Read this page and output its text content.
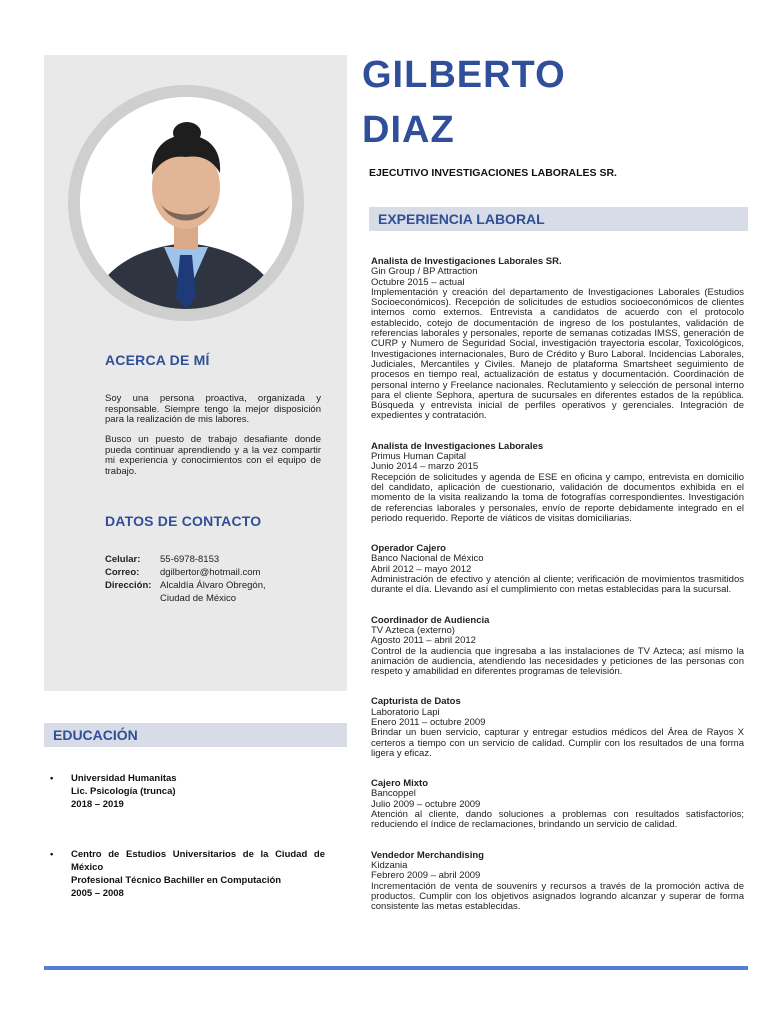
ACERCA DE MÍ

Soy una persona proactiva, organizada y responsable. Siempre tengo la mejor disposición para la realización de mis labores.

Busco un puesto de trabajo desafiante donde pueda continuar aprendiendo y a la vez compartir mi experiencia y conocimientos con el equipo de trabajo.

DATOS DE CONTACTO
Celular:	55-6978-8153
Correo:	dgilbertor@hotmail.com
Dirección: Alcaldía Álvaro Obregón,
Ciudad de México
EDUCACIÓN
• Universidad Humanitas
Lic. Psicología (trunca)
2018 – 2019
• Centro de Estudios Universitarios de la Ciudad de México
Profesional Técnico Bachiller en Computación
2005 – 2008
GILBERTO
DIAZ

EJECUTIVO INVESTIGACIONES LABORALES SR.

EXPERIENCIA LABORAL
Analista de Investigaciones Laborales SR.
Gin Group / BP Attraction
Octubre 2015 – actual
Implementación y creación del departamento de Investigaciones Laborales (Estudios Socioeconómicos). Recepción de solicitudes de estudios socioeconómicos de clientes internos como externos. Entrevista a candidatos de acuerdo con el protocolo establecido, cotejo de documentación de ingreso de los postulantes, validación de referencias laborales y personales, reporte de semanas cotizadas IMSS, generación de CURP y Numero de Seguridad Social, investigación trayectoria escolar, Toxicológicos, Investigaciones internacionales, Buro de Crédito y Buro Laboral. Incidencias Laborales, Judiciales, Mercantiles y Civiles. Manejo de plataforma Smartsheet seguimiento de procesos en tiempo real, actualización de estatus y documentación. Coordinación de personal interno y Freelance nacionales. Reclutamiento y selección de personal interno para el cliente Sephora, apertura de sucursales en diferentes estados de la república. Búsqueda y entrevista inicial de perfiles operativos y gerenciales. Integración de expedientes y contratación.
Analista de Investigaciones Laborales
Primus Human Capital
Junio 2014 – marzo 2015
Recepción de solicitudes y agenda de ESE en oficina y campo, entrevista en domicilio del candidato, aplicación de cuestionario, validación de documentos exhibida en el momento de la visita realizando la toma de fotografías correspondientes. Investigación de referencias laborales y personales, envío de reporte debidamente integrado en el periodo requerido. Reporte de viáticos de visitas domiciliarias.
Operador Cajero
Banco Nacional de México
Abril 2012 – mayo 2012
Administración de efectivo y atención al cliente; verificación de movimientos trasmitidos durante el día. Llevando así el cumplimiento con metas establecidas para la sucursal.
Coordinador de Audiencia
TV Azteca (externo)
Agosto 2011 – abril 2012
Control de la audiencia que ingresaba a las instalaciones de TV Azteca; así mismo la animación de audiencia, atendiendo las necesidades y peticiones de las personas con respeto y amabilidad en diferentes programas de televisión.
Capturista de Datos
Laboratorio Lapi
Enero 2011 – octubre 2009
Brindar un buen servicio, capturar y entregar estudios médicos del Área de Rayos X certeros a tiempo con un servicio de calidad. Cumplir con los resultados de una forma ligera y eficaz.
Cajero Mixto
Bancoppel
Julio 2009 – octubre 2009
Atención al cliente, dando soluciones a problemas con resultados satisfactorios; reduciendo el índice de reclamaciones, brindando un servicio de calidad.
Vendedor Merchandising
Kidzania
Febrero 2009 – abril 2009
Incrementación de venta de souvenirs y recursos a través de la promoción activa de productos. Cumplir con los objetivos asignados logrando alcanzar y superar de forma consistente las metas establecidas.
